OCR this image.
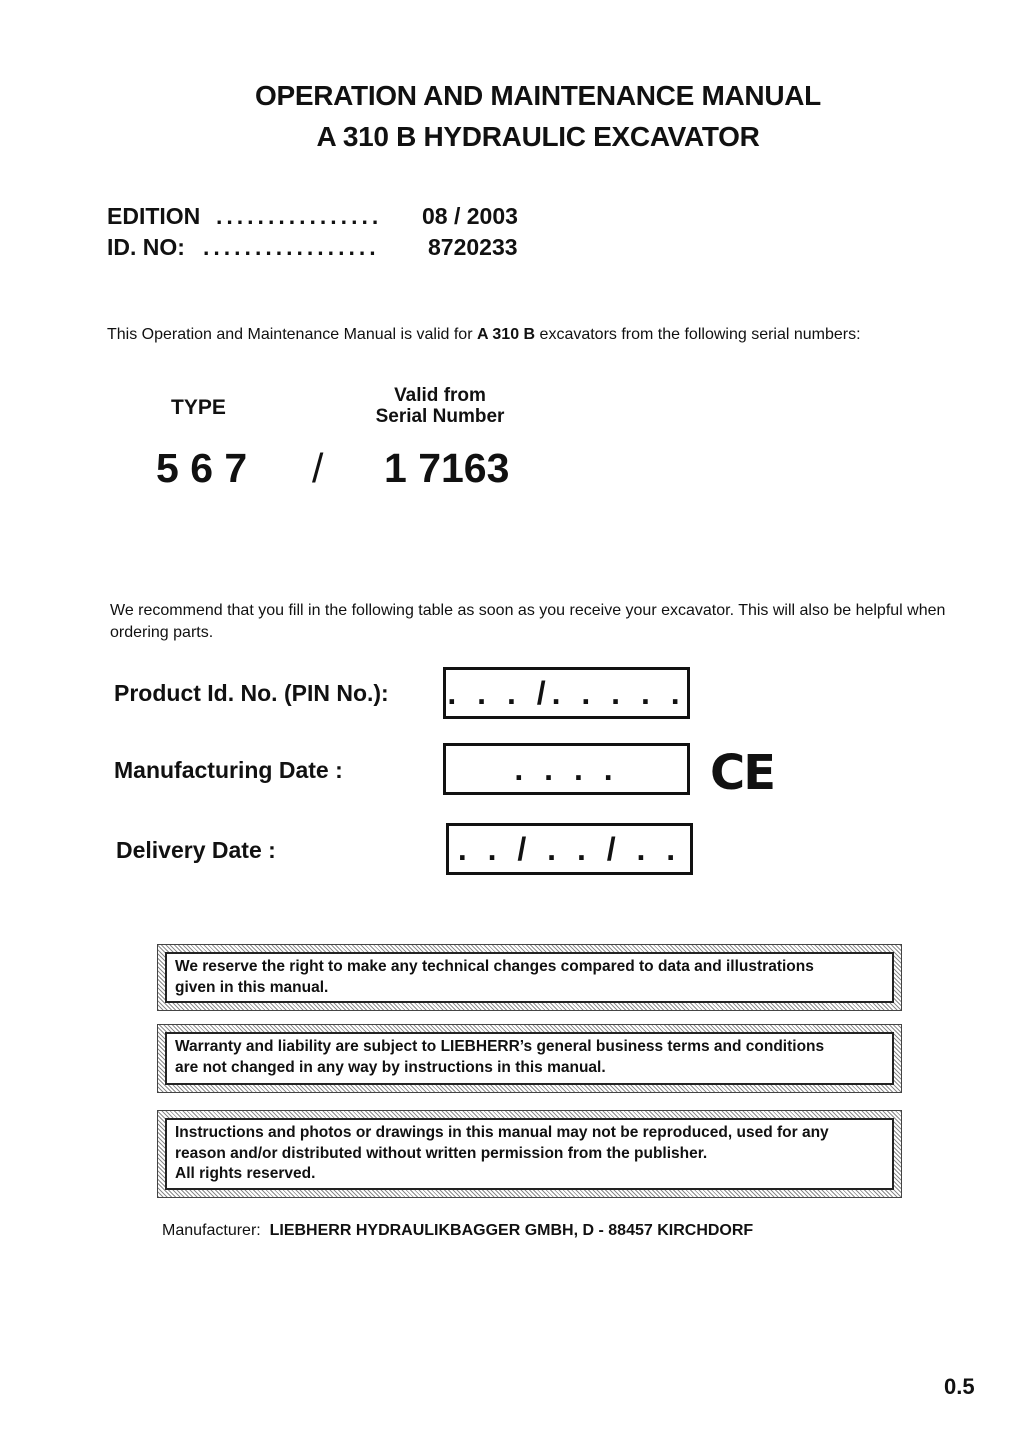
OPERATION AND MAINTENANCE MANUAL
A 310 B HYDRAULIC EXCAVATOR
EDITION ................ 08 / 2003
ID. NO: ................. 8720233
This Operation and Maintenance Manual is valid for A 310 B excavators from the following serial numbers:
TYPE
Valid from
Serial Number
5 6 7 / 1 7163
We recommend that you fill in the following table as soon as you receive your excavator. This will also be helpful when ordering parts.
Product Id. No. (PIN No.): . . . /. . . . .
Manufacturing Date :	. . . . CE
Delivery Date :	. . / . . / . .
We reserve the right to make any technical changes compared to data and illustrations
given in this manual.
Warranty and liability are subject to LIEBHERR’s general business terms and conditions
are not changed in any way by instructions in this manual.
Instructions and photos or drawings in this manual may not be reproduced, used for any
reason and/or distributed without written permission from the publisher.
All rights reserved.
Manufacturer: LIEBHERR HYDRAULIKBAGGER GMBH, D - 88457 KIRCHDORF
0.5
